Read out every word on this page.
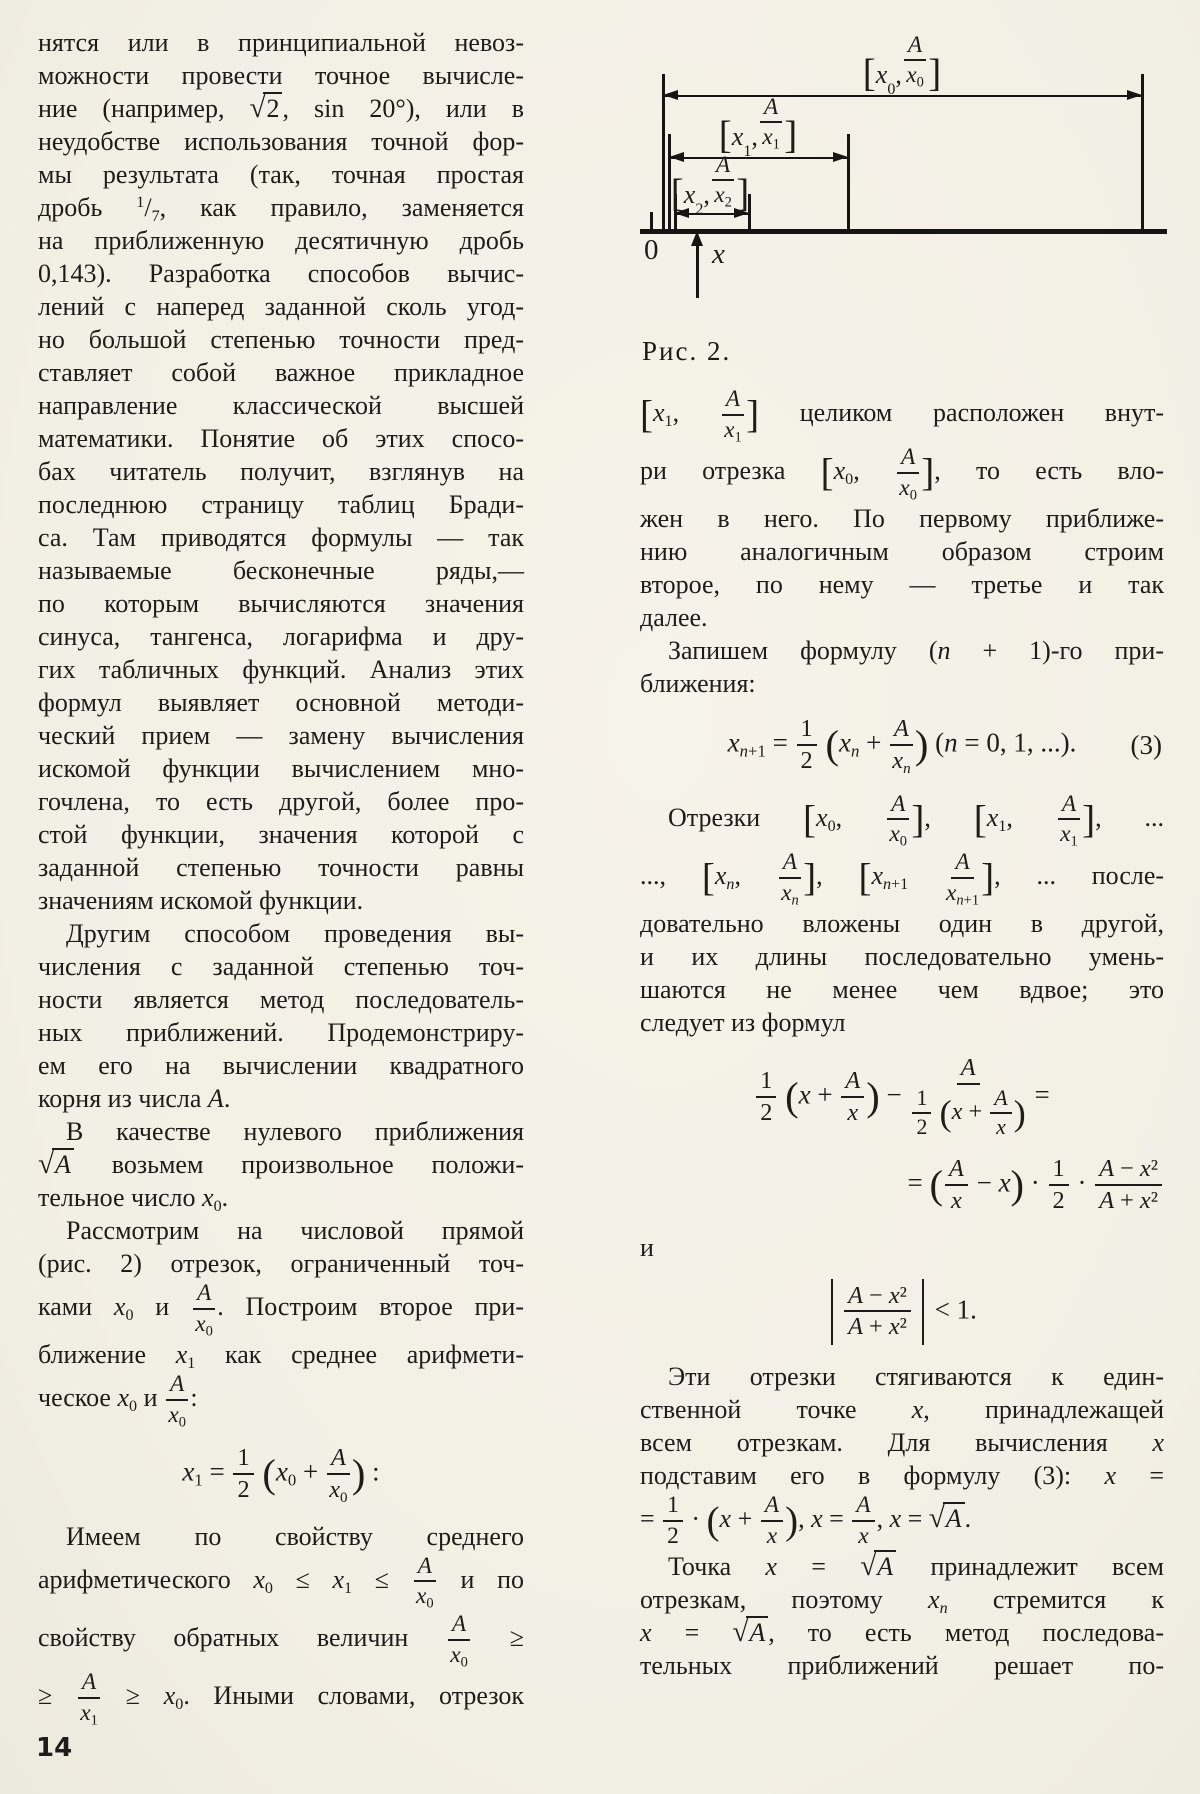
[ x
0
,
A
$x_0$ ]
[ x
1
,
A
$x_1$ ]
[ x
2
,
A
$x_2$ ]
0 x
Рис. 2.
нятся или в принципиальной невоз-
можности провести точное вычисле-
ние (например, √2 , sin 20°), или в
неудобстве использования точной фор-
мы результата (так, точная простая
дробь $^1/_7$, как правило, заменяется
на приближенную десятичную дробь
0,143). Разработка способов вычис-
лений с наперед заданной сколь угод-
но большой степенью точности пред-
ставляет собой важное прикладное
направление классической высшей
математики. Понятие об этих спосо-
бах читатель получит, взглянув на
последнюю страницу таблиц Бради-
са. Там приводятся формулы — так
называемые бесконечные ряды,—
по которым вычисляются значения
синуса, тангенса, логарифма и дру-
гих табличных функций. Анализ этих
формул выявляет основной методи-
ческий прием — замену вычисления
искомой функции вычислением мно-
гочлена, то есть другой, более про-
стой функции, значения которой с
заданной степенью точности равны
значениям искомой функции.
Другим способом проведения вы-
числения с заданной степенью точ-
ности является метод последователь-
ных приближений. Продемонстриру-
ем его на вычислении квадратного
корня из числа A.
В качестве нулевого приближения
√A возьмем произвольное положи-
тельное число $x_0$.
Рассмотрим на числовой прямой
(рис. 2) отрезок, ограниченный точ-
ками $x_0$ и $\frac{A}{x_0}$ . Построим второе при-
ближение $x_1$ как среднее арифмети-
ческое $x_0$ и $\frac{A}{x_0}$ :
$x_1 = \frac{1}{2} (x_0 + \frac{A}{x_0}$ ) :
Имеем по свойству среднего
арифметического $x_0 \le x_1 \le \frac{A}{x_0}$ и по
свойству обратных величин $\frac{A}{x_0}$ ≥
≥ $\frac{A}{x_1} \ge x_0$. Иными словами, отрезок
[$x_1$, $\frac{A}{x_1}$ ] целиком расположен внут-
ри отрезка [$x_0$, $\frac{A}{x_0}$ ], то есть вло-
жен в него. По первому приближе-
нию аналогичным образом строим
второе, по нему — третье и так
далее.
Запишем формулу (n + 1)-го при-
ближения:
$x_{n+1} = \frac{1}{2} (x_n + \frac{A}{x_n}$ ) (n = 0, 1, ...). (3)
Отрезки [$x_0$, $\frac{A}{x_0}$ ], [$x_1$, $\frac{A}{x_1}$ ], ...
..., [$x_n$, $\frac{A}{x_n}$ ], [$x_{n+1} \frac{A}{x_{n+1}}$ ], ... после-
довательно вложены один в другой,
и их длины последовательно умень-
шаются не менее чем вдвое; это
следует из формул
$\frac{1}{2} (x + \frac{A}{x}$ ) − $\frac{A}{\frac{1}{2} (x + \frac{A}{x} )}$ =
= ( $\frac{A}{x} - x) \cdot \frac{1}{2} \cdot \frac{\text{A − x²}}{\text{A + x²}}$
и
A − x²
A + x²
< 1.
Эти отрезки стягиваются к един-
ственной точке x, принадлежащей
всем отрезкам. Для вычисления x
подставим его в формулу (3): x =
= $\frac{1}{2} \cdot (x + \frac{A}{x}$ ), $x = \frac{A}{x}$ , x = √A .
Точка x = √A принадлежит всем
отрезкам, поэтому $x_n$ стремится к
x = √A , то есть метод последова-
тельных приближений решает по-
14
